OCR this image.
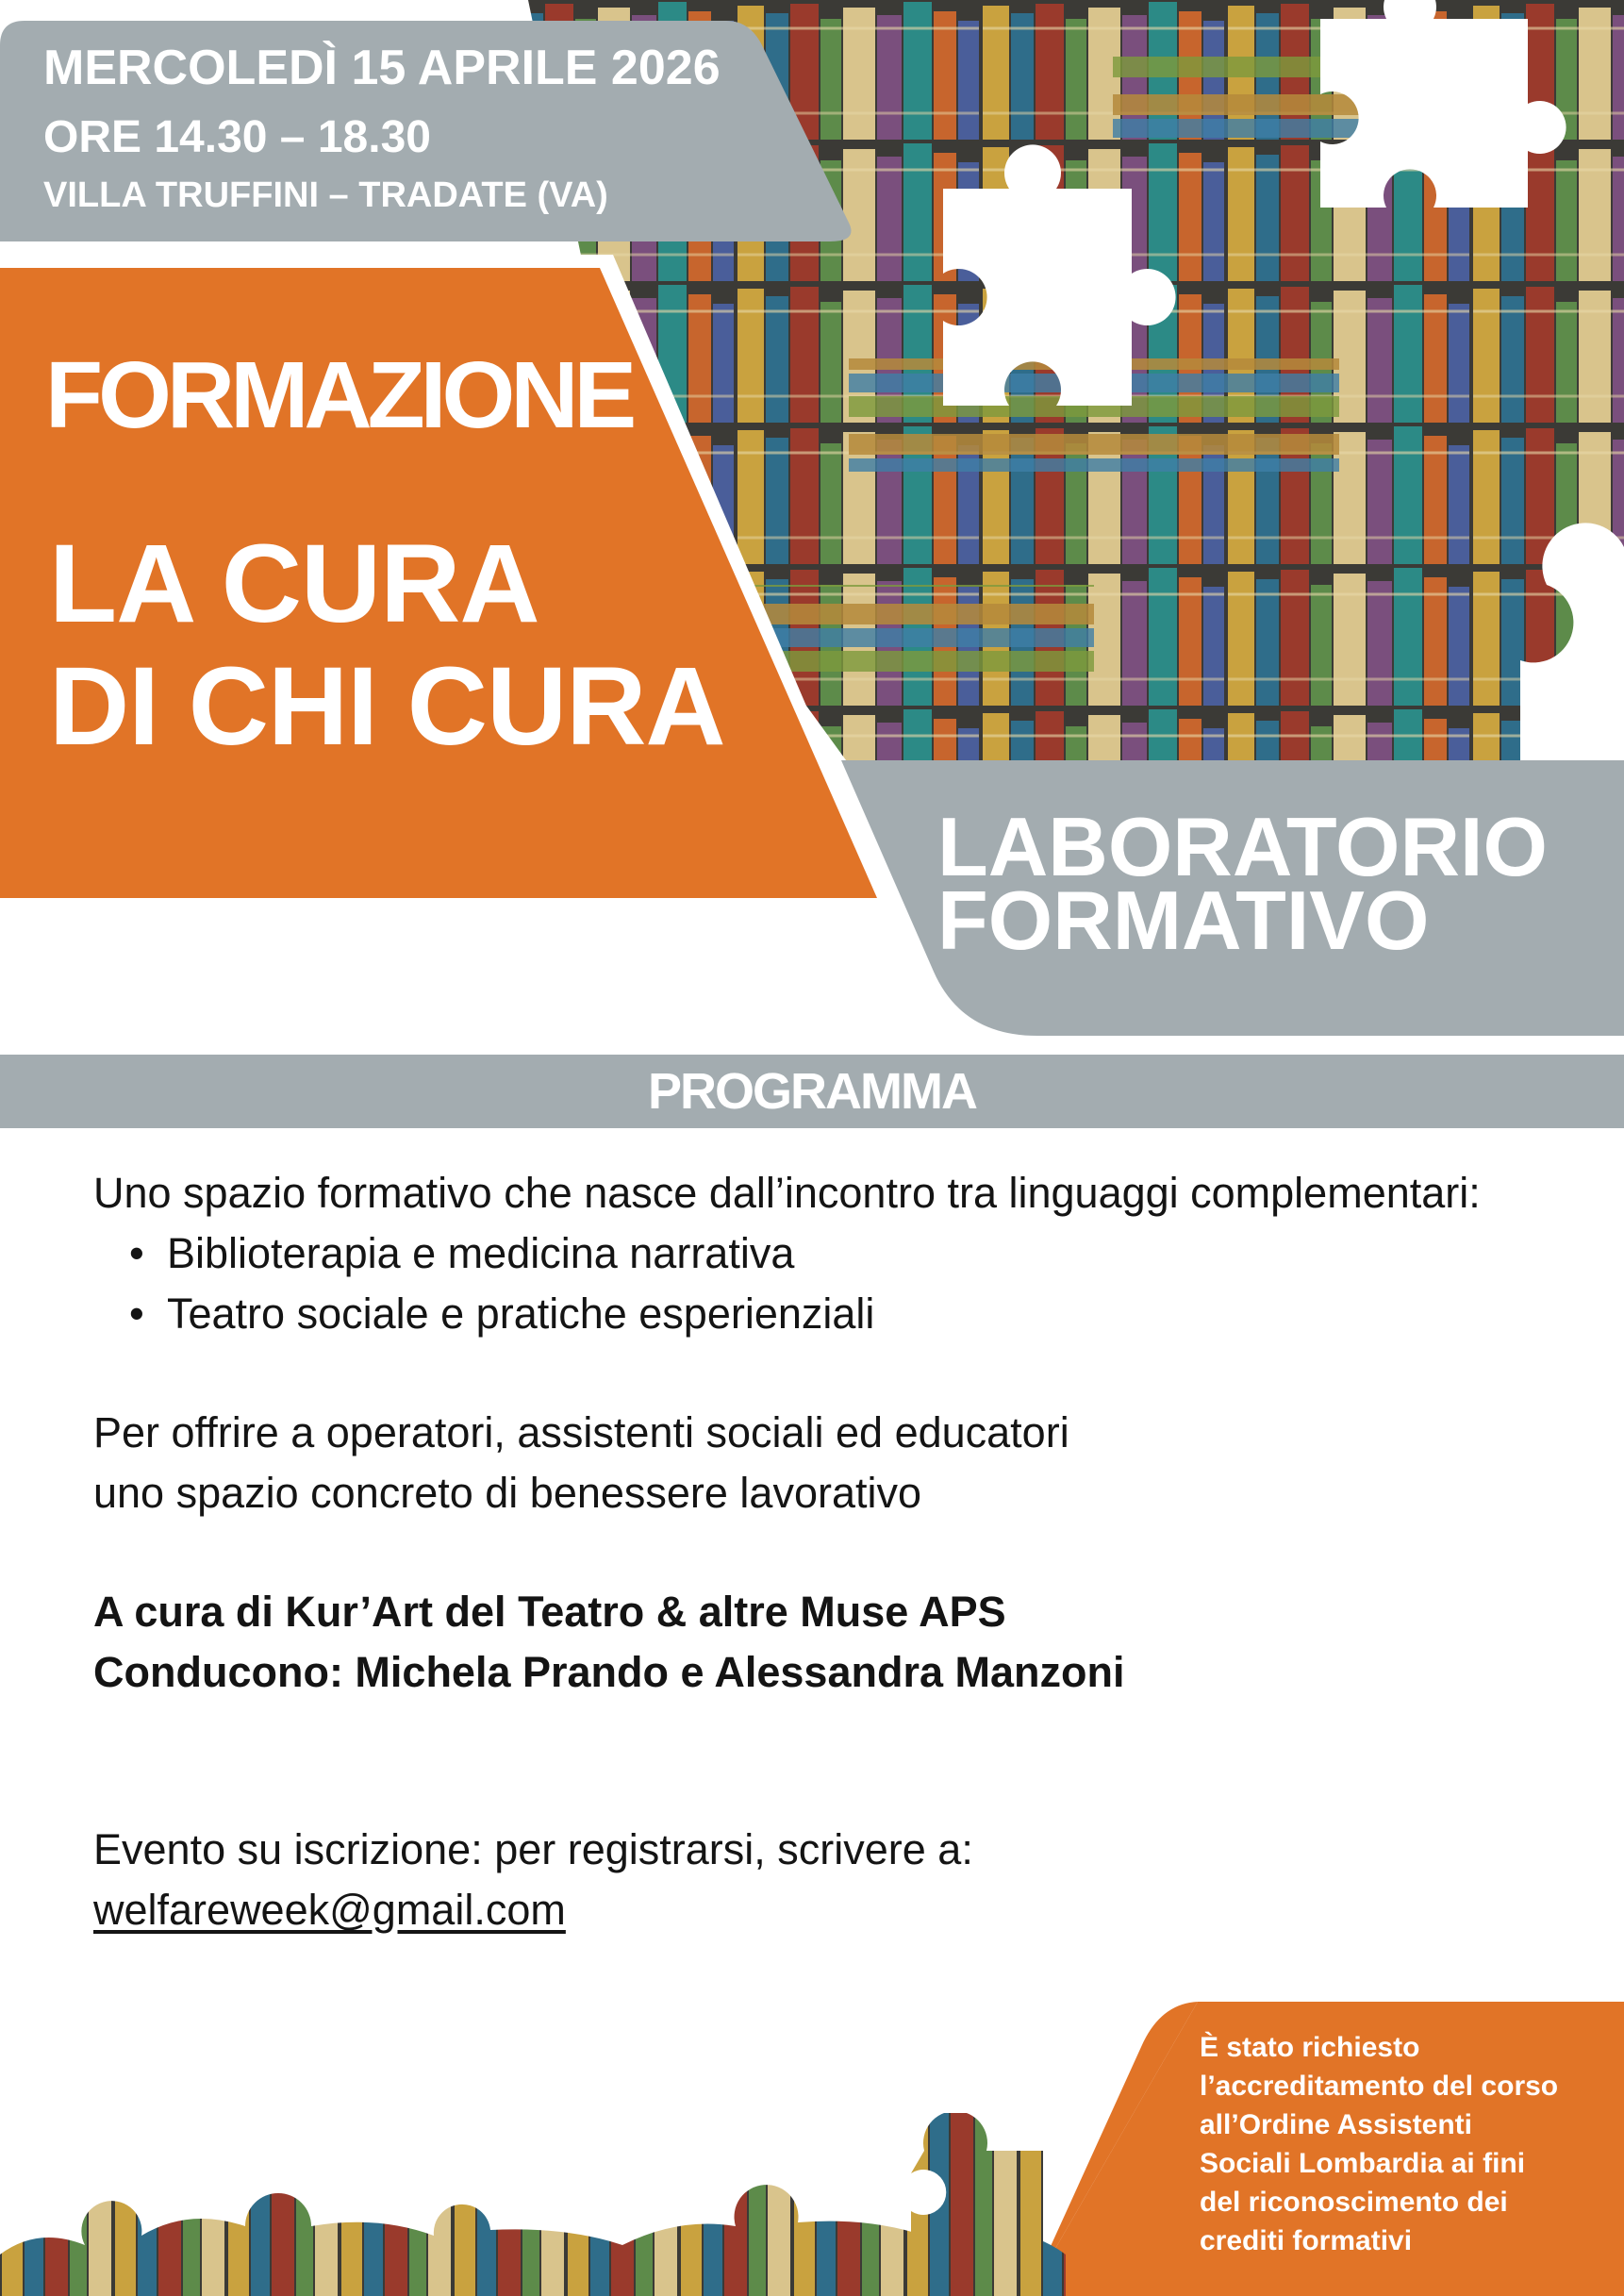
MERCOLEDÌ 15 APRILE 2026
ORE 14.30 – 18.30
VILLA TRUFFINI – TRADATE (VA)
FORMAZIONE
LA CURA
DI CHI CURA
LABORATORIO
FORMATIVO
PROGRAMMA

Uno spazio formativo che nasce dall’incontro tra linguaggi complementari:

• Biblioterapia e medicina narrativa
• Teatro sociale e pratiche esperienziali

Per offrire a operatori, assistenti sociali ed educatori

uno spazio concreto di benessere lavorativo

A cura di Kur’Art del Teatro & altre Muse APS

Conducono: Michela Prando e Alessandra Manzoni

Evento su iscrizione: per registrarsi, scrivere a:

welfareweek@gmail.com

È stato richiesto
l’accreditamento del corso
all’Ordine Assistenti
Sociali Lombardia ai fini
del riconoscimento dei
crediti formativi
